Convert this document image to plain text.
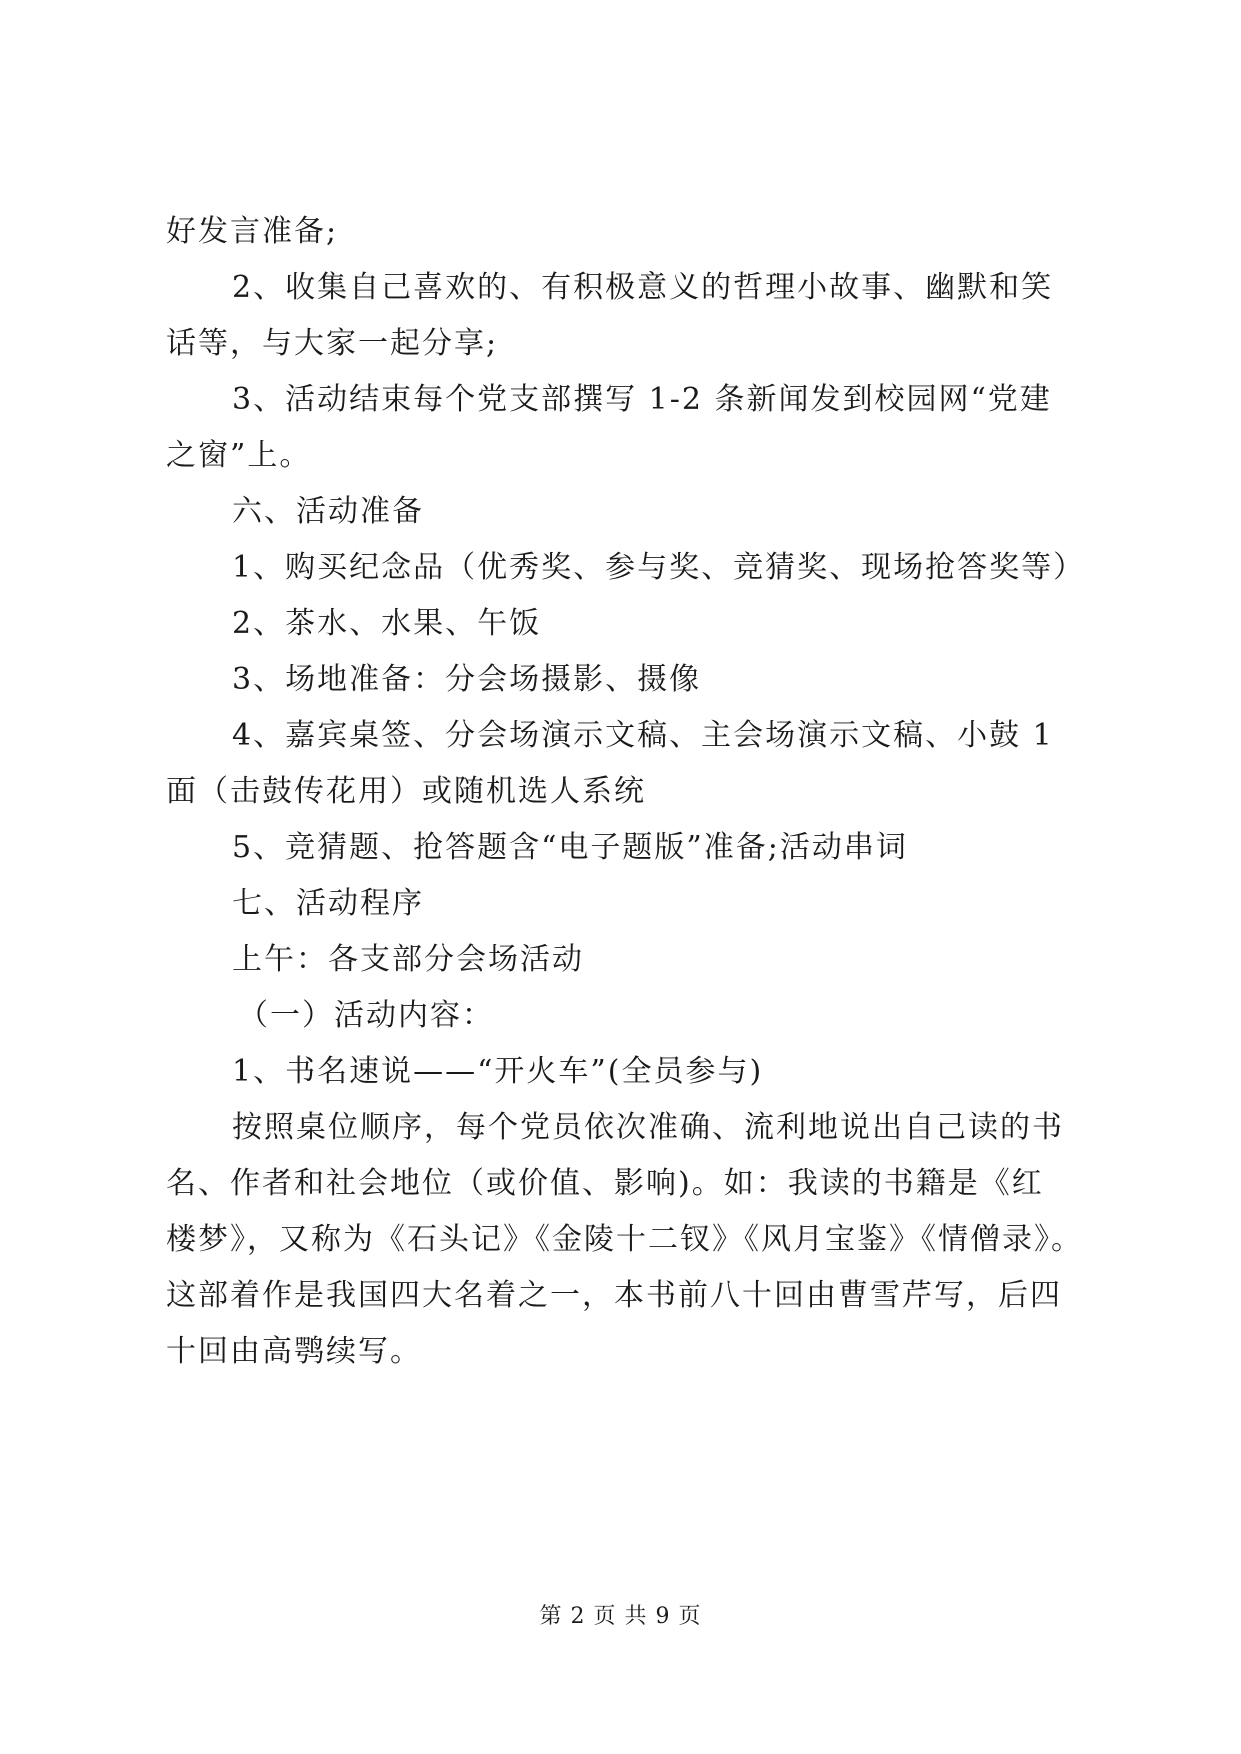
好发言准备;
2、收集自己喜欢的、有积极意义的哲理小故事、幽默和笑
话等，与大家一起分享;
3、活动结束每个党支部撰写 1-2 条新闻发到校园网“党建
之窗”上。
六、活动准备
1、购买纪念品（优秀奖、参与奖、竞猜奖、现场抢答奖等）
2、茶水、水果、午饭
3、场地准备：分会场摄影、摄像
4、嘉宾桌签、分会场演示文稿、主会场演示文稿、小鼓 1
面（击鼓传花用）或随机选人系统
5、竞猜题、抢答题含“电子题版”准备;活动串词
七、活动程序
上午：各支部分会场活动
（一）活动内容：
1、书名速说——“开火车”(全员参与)
按照桌位顺序，每个党员依次准确、流利地说出自己读的书
名、作者和社会地位（或价值、影响)。如：我读的书籍是《红
楼梦》，又称为《石头记》《金陵十二钗》《风月宝鉴》《情僧录》。
这部着作是我国四大名着之一，本书前八十回由曹雪芹写，后四
十回由高鹗续写。
第 2 页 共 9 页
